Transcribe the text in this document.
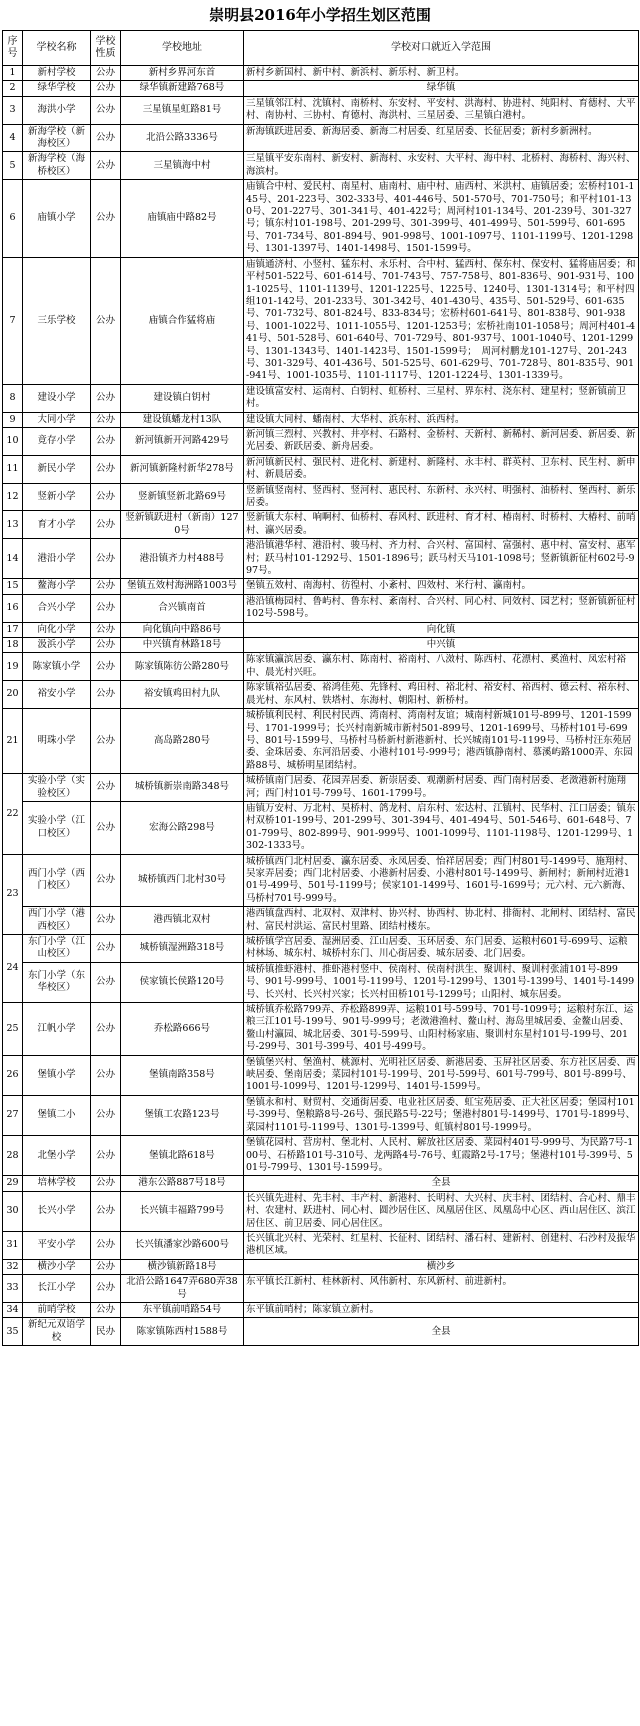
崇明县2016年小学招生划区范围
序号	学校名称	学校性质	学校地址	学校对口就近入学范围
1	新村学校	公办	新村乡界河东首	新村乡新国村、新中村、新浜村、新乐村、新卫村。
2	绿华学校	公办	绿华镇新建路768号	绿华镇
3	海洪小学	公办	三星镇星虹路81号	三星镇邻江村、沈镇村、南桥村、东安村、平安村、洪海村、协进村、纯阳村、育德村、大平村、南协村、三协村、育德村、海洪村、三星居委、三星镇白港村。
4	新海学校（新海校区）	公办	北沿公路3336号	新海镇跃进居委、新海居委、新海二村居委、红星居委、长征居委；新村乡新洲村。
5	新海学校（海桥校区）	公办	三星镇海中村	三星镇平安东南村、新安村、新海村、永安村、大平村、海中村、北桥村、海桥村、海兴村、海滨村。
6	庙镇小学	公办	庙镇庙中路82号	庙镇合中村、爱民村、南星村、庙南村、庙中村、庙西村、米洪村、庙镇居委；宏桥村101-145号、201-223号、302-333号、401-446号、501-570号、701-750号；和平村101-130号、201-227号、301-341号、401-422号；周河村101-134号、201-239号、301-327号；镇东村101-198号、201-299号、301-399号、401-499号、501-599号、601-695号、701-734号、801-894号、901-998号、1001-1097号、1101-1199号、1201-1298号、1301-1397号、1401-1498号、1501-1599号。
7	三乐学校	公办	庙镇合作猛将庙	庙镇通济村、小竖村、猛东村、永乐村、合中村、猛西村、保东村、保安村、猛将庙居委；和平村501-522号、601-614号、701-743号、757-758号、801-836号、901-931号、1001-1025号、1101-1139号、1201-1225号、1225号、1240号、1301-1314号；和平村四组101-142号、201-233号、301-342号、401-430号、435号、501-529号、601-635号、701-732号、801-824号、833-834号；宏桥村601-641号、801-838号、901-938号、1001-1022号、1011-1055号、1201-1253号；宏桥社南101-1058号；周河村401-441号、501-528号、601-640号、701-729号、801-937号、1001-1040号、1201-1299号、1301-1343号、1401-1423号、1501-1599号；　周河村鹏龙101-127号、201-243号、301-329号、401-436号、501-525号、601-629号、701-728号、801-835号、901-941号、1001-1035号、1101-1117号、1201-1224号、1301-1339号。
8	建设小学	公办	建设镇白钥村	建设镇富安村、运南村、白钥村、虹桥村、三星村、界东村、浇东村、建星村；竖新镇前卫村。
9	大同小学	公办	建设镇蟠龙村13队	建设镇大同村、蟠南村、大华村、浜东村、浜西村。
10	竟存小学	公办	新河镇新开河路429号	新河镇三烈村、兴教村、井亭村、石路村、金桥村、天新村、新稀村、新河居委、新居委、新光居委、新跃居委、新舟居委。
11	新民小学	公办	新河镇新隆村新华278号	新河镇新民村、强民村、进化村、新建村、新隆村、永丰村、群英村、卫东村、民生村、新申村、新晨居委。
12	竖新小学	公办	竖新镇竖新北路69号	竖新镇竖南村、竖西村、竖河村、惠民村、东新村、永兴村、明强村、油桥村、堡西村、新乐居委。
13	育才小学	公办	竖新镇跃进村（新南）1270号	竖新镇大东村、响啊村、仙桥村、春风村、跃进村、育才村、椿南村、时桥村、大椿村、前哨村、瀛兴居委。
14	港沿小学	公办	港沿镇齐力村488号	港沿镇港华村、港沿村、骏马村、齐力村、合兴村、富国村、富强村、惠中村、富安村、惠军村；跃马村101-1292号、1501-1896号；跃马村天马101-1098号；竖新镇新征村602号-997号。
15	鳌海小学	公办	堡镇五效村海洲路1003号	堡镇五效村、南海村、彷徨村、小紊村、四效村、米行村、瀛南村。
16	合兴小学	公办	合兴镇南首	港沿镇梅园村、鲁屿村、鲁东村、紊南村、合兴村、同心村、同效村、园艺村；竖新镇新征村102号-598号。
17	向化小学	公办	向化镇向中路86号	向化镇
18	汲浜小学	公办	中兴镇育林路18号	中兴镇
19	陈家镇小学	公办	陈家镇陈彷公路280号	陈家镇瀛滨居委、瀛东村、陈南村、裕南村、八滧村、陈西村、花漂村、奚渔村、凤宏村裕中、晨光村兴旺。
20	裕安小学	公办	裕安镇鸡田村九队	陈家镇裕弘居委、裕鸿佳苑、先锋村、鸡田村、裕北村、裕安村、裕西村、德云村、裕东村、晨光村、东风村、铁塔村、东海村、朝阳村、新桥村。
21	明珠小学	公办	高岛路280号	城桥镇利民村、利民村民西、湾南村、湾南村友谊；城南村新城101号-899号、1201-1599号、1701-1999号；长兴村南新城市新村501-899号、1201-1699号、马桥村101号-699号、801号-1599号、马桥村马桥新村新港新村、长兴城南101号-1199号、马桥村汪东苑居委、金珠居委、东河沿居委、小港村101号-999号；港西镇静南村、慕溪屿路1000弄、东园路88号、城桥明星团结村。
22	实验小学（实验校区）	公办	城桥镇新崇南路348号	城桥镇南门居委、花园弄居委、新崇居委、观潮新村居委、西门南村居委、老滧港新村施翔河；西门村101号-799号、1601-1799号。
	实验小学（江口校区）	公办	宏海公路298号	庙镇万安村、万北村、昊桥村、鸽龙村、启东村、宏达村、江镇村、民华村、江口居委；镇东村双桥101-199号、201-299号、301-394号、401-494号、501-546号、601-648号、701-799号、802-899号、901-999号、1001-1099号、1101-1198号、1201-1299号、1302-1333号。
23	西门小学（西门校区）	公办	城桥镇西门北村30号	城桥镇西门北村居委、瀛东居委、永凤居委、怡祥居居委；西门村801号-1499号、施翔村、吴家弄居委；西门北村居委、小港新村居委、小港村801号-1499号、新闸村；新闸村近港101号-499号、501号-1199号；侯家101-1499号、1601号-1699号；元六村、元六新海、马桥村701号-999号。
	西门小学（港西校区）	公办	港西镇北双村	港西镇盘西村、北双村、双津村、协兴村、协西村、协北村、排衙村、北闸村、团结村、富民村、富民村洪运、富民村里路、团结村楼东。
24	东门小学（江山校区）	公办	城桥镇湿洲路318号	城桥镇学宫居委、湿洲居委、江山居委、玉环居委、东门居委、运粮村601号-699号、运粮村林场、城东村、城桥村东门、川心街居委、城东居委、北门居委。
	东门小学（东华校区）	公办	侯家镇长侯路120号	城桥镇推虾港村、推虾港村竖中、侯南村、侯南村洪生、聚训村、聚训村张浦101号-899号、901号-999号、1001号-1199号、1201号-1299号、1301号-1399号、1401号-1499号、长兴村、长兴村兴家；长兴村田桥101号-1299号；山阳村、城东居委。
25	江帆小学	公办	乔松路666号	城桥镇乔松路799弄、乔松路899弄、运粮101号-599号、701号-1099号；运粮村东江、运粮三江101号-199号、901号-999号；老滧港渔村、鳌山村、海岛里城居委、金鳌山居委、鳌山村瀛园、城北居委、301号-599号、山阳村杨家庙、聚训村东星村101号-199号、201号-299号、301号-399号、401号-499号。
26	堡镇小学	公办	堡镇南路358号	堡镇堡兴村、堡渔村、桃源村、光明社区居委、新港居委、玉屏社区居委、东方社区居委、西峡居委、堡南居委；菜园村101号-199号、201号-599号、601号-799号、801号-899号、1001号-1099号、1201号-1299号、1401号-1599号。
27	堡镇二小	公办	堡镇工农路123号	堡镇永和村、财贸村、交通街居委、电业社区居委、虹宝苑居委、正大社区居委；堡园村101号-399号、堡粮路8号-26号、强民路5号-22号；堡港村801号-1499号、1701号-1899号、菜园村1101号-1199号、1301号-1399号、虹镇村801号-1999号。
28	北堡小学	公办	堡镇北路618号	堡镇花园村、营房村、堡北村、人民村、解放社区居委、菜园村401号-999号、为民路7号-100号、石桥路101号-310号、龙两路4号-76号、虹霞路2号-17号；堡港村101号-399号、501号-799号、1301号-1599号。
29	培林学校	公办	港东公路887号18号	全县
30	长兴小学	公办	长兴镇丰福路799号	长兴镇先进村、先丰村、丰产村、新港村、长明村、大兴村、庆丰村、团结村、合心村、鼎丰村、农建村、跃进村、同心村、圆沙居住区、凤凰居住区、凤凰岛中心区、西山居住区、滨江居住区、前卫居委、同心居住区。
31	平安小学	公办	长兴镇潘家沙路600号	长兴镇北兴村、光荣村、红星村、长征村、团结村、潘石村、建新村、创建村、石沙村及振华港机区域。
32	横沙小学	公办	横沙镇新路18号	横沙乡
33	长江小学	公办	北沿公路1647弄680弄38号	东平镇长江新村、桂林新村、风伟新村、东风新村、前进新村。
34	前哨学校	公办	东平镇前哨路54号	东平镇前哨村；陈家镇立新村。
35	新纪元双语学校	民办	陈家镇陈西村1588号	全县
